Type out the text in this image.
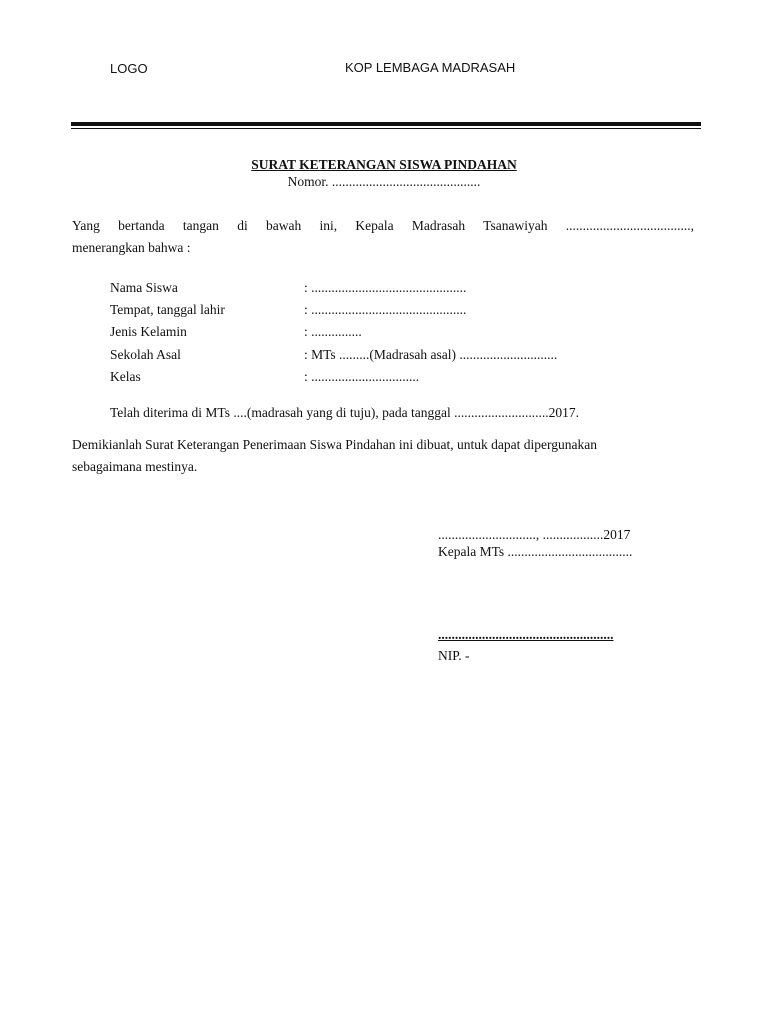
LOGO	KOP LEMBAGA MADRASAH
SURAT KETERANGAN SISWA PINDAHAN
Nomor. ............................................
Yang bertanda tangan di bawah ini, Kepala Madrasah Tsanawiyah .....................................,
menerangkan bahwa :
Nama Siswa	: ..............................................
Tempat, tanggal lahir	: ..............................................
Jenis Kelamin	: ...............
Sekolah Asal	: MTs .........(Madrasah asal) .............................
Kelas	: ................................
Telah diterima di MTs ....(madrasah yang di tuju), pada tanggal ............................2017.
Demikianlah Surat Keterangan Penerimaan Siswa Pindahan ini dibuat, untuk dapat dipergunakan
sebagaimana mestinya.
............................., ..................2017
Kepala MTs .....................................
....................................................
NIP. -
